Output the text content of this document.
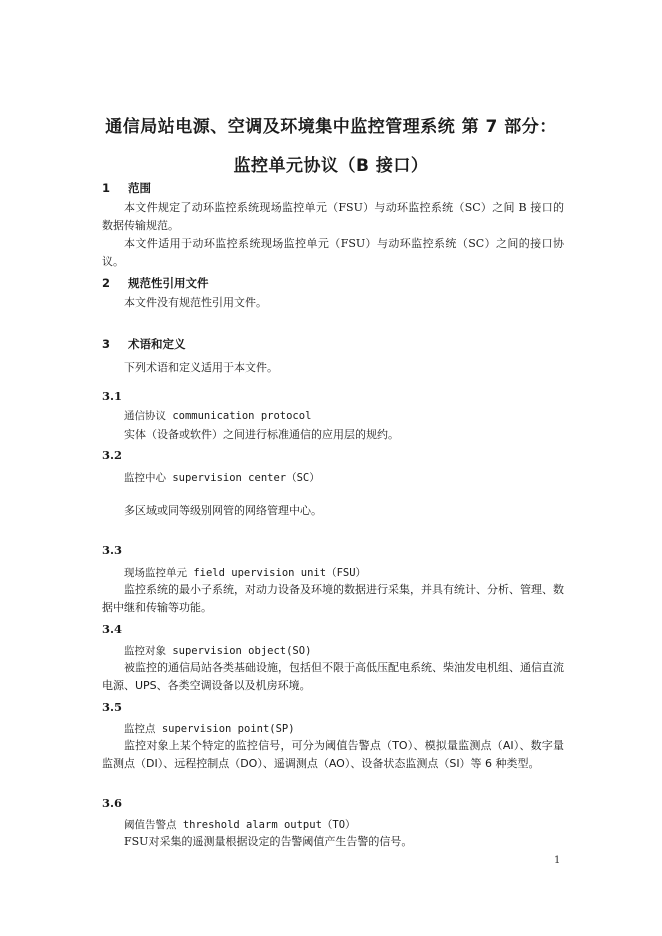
通信局站电源、空调及环境集中监控管理系统 第 7 部分：
监控单元协议（B 接口）
1 范围
本文件规定了动环监控系统现场监控单元（FSU）与动环监控系统（SC）之间 B 接口的数据传输规范。
本文件适用于动环监控系统现场监控单元（FSU）与动环监控系统（SC）之间的接口协议。
2 规范性引用文件
本文件没有规范性引用文件。
3 术语和定义
下列术语和定义适用于本文件。
3.1
通信协议 communication protocol
实体（设备或软件）之间进行标准通信的应用层的规约。
3.2
监控中心 supervision center（SC）
多区域或同等级别网管的网络管理中心。
3.3
现场监控单元 field upervision unit（FSU）
监控系统的最小子系统，对动力设备及环境的数据进行采集，并具有统计、分析、管理、数据中继和传输等功能。
3.4
监控对象 supervision object(SO)
被监控的通信局站各类基础设施，包括但不限于高低压配电系统、柴油发电机组、通信直流电源、UPS、各类空调设备以及机房环境。
3.5
监控点 supervision point(SP)
监控对象上某个特定的监控信号，可分为阈值告警点（TO）、模拟量监测点（AI）、数字量监测点（DI）、远程控制点（DO）、遥调测点（AO）、设备状态监测点（SI）等 6 种类型。
3.6
阈值告警点 threshold alarm output（TO）
FSU对采集的遥测量根据设定的告警阈值产生告警的信号。
1
